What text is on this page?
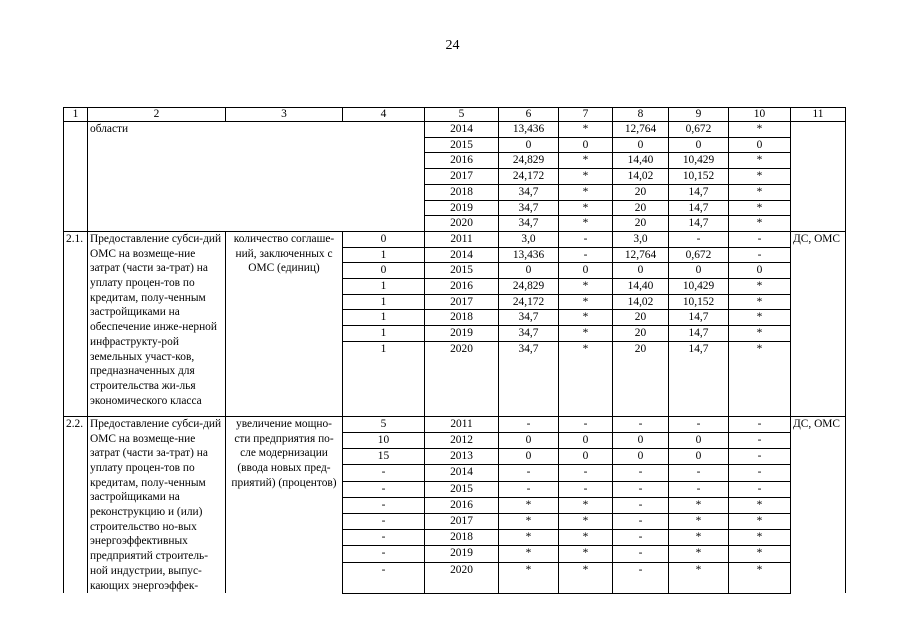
24
1	2	3	4	5	6	7	8	9	10	11
	области			2014	13,436	*	12,764	0,672	*	
				2015	0	0	0	0	0	
				2016	24,829	*	14,40	10,429	*	
				2017	24,172	*	14,02	10,152	*	
				2018	34,7	*	20	14,7	*	
				2019	34,7	*	20	14,7	*	
				2020	34,7	*	20	14,7	*	
2.1.	Предоставление субси-дий ОМС на возмеще-ние затрат (части за-трат) на уплату процен-тов по кредитам, полу-ченным застройщиками на обеспечение инже-нерной инфраструкту-рой земельных участ-ков, предназначенных для строительства жи-лья экономического класса	количество соглаше-ний, заключенных с ОМС (единиц)	0	2011	3,0	-	3,0	-	-	ДС, ОМС
			1	2014	13,436	-	12,764	0,672	-	
			0	2015	0	0	0	0	0	
			1	2016	24,829	*	14,40	10,429	*	
			1	2017	24,172	*	14,02	10,152	*	
			1	2018	34,7	*	20	14,7	*	
			1	2019	34,7	*	20	14,7	*	
			1	2020	34,7	*	20	14,7	*	
2.2.	Предоставление субси-дий ОМС на возмеще-ние затрат (части за-трат) на уплату процен-тов по кредитам, полу-ченным застройщиками на реконструкцию и (или) строительство но-вых энергоэффективных предприятий строитель-ной индустрии, выпус-кающих энергоэффек-	увеличение мощно-сти предприятия по-сле модернизации (ввода новых пред-приятий) (процентов)	5	2011	-	-	-	-	-	ДС, ОМС
			10	2012	0	0	0	0	-	
			15	2013	0	0	0	0	-	
			-	2014	-	-	-	-	-	
			-	2015	-	-	-	-	-	
			-	2016	*	*	-	*	*	
			-	2017	*	*	-	*	*	
			-	2018	*	*	-	*	*	
			-	2019	*	*	-	*	*	
			-	2020	*	*	-	*	*	
